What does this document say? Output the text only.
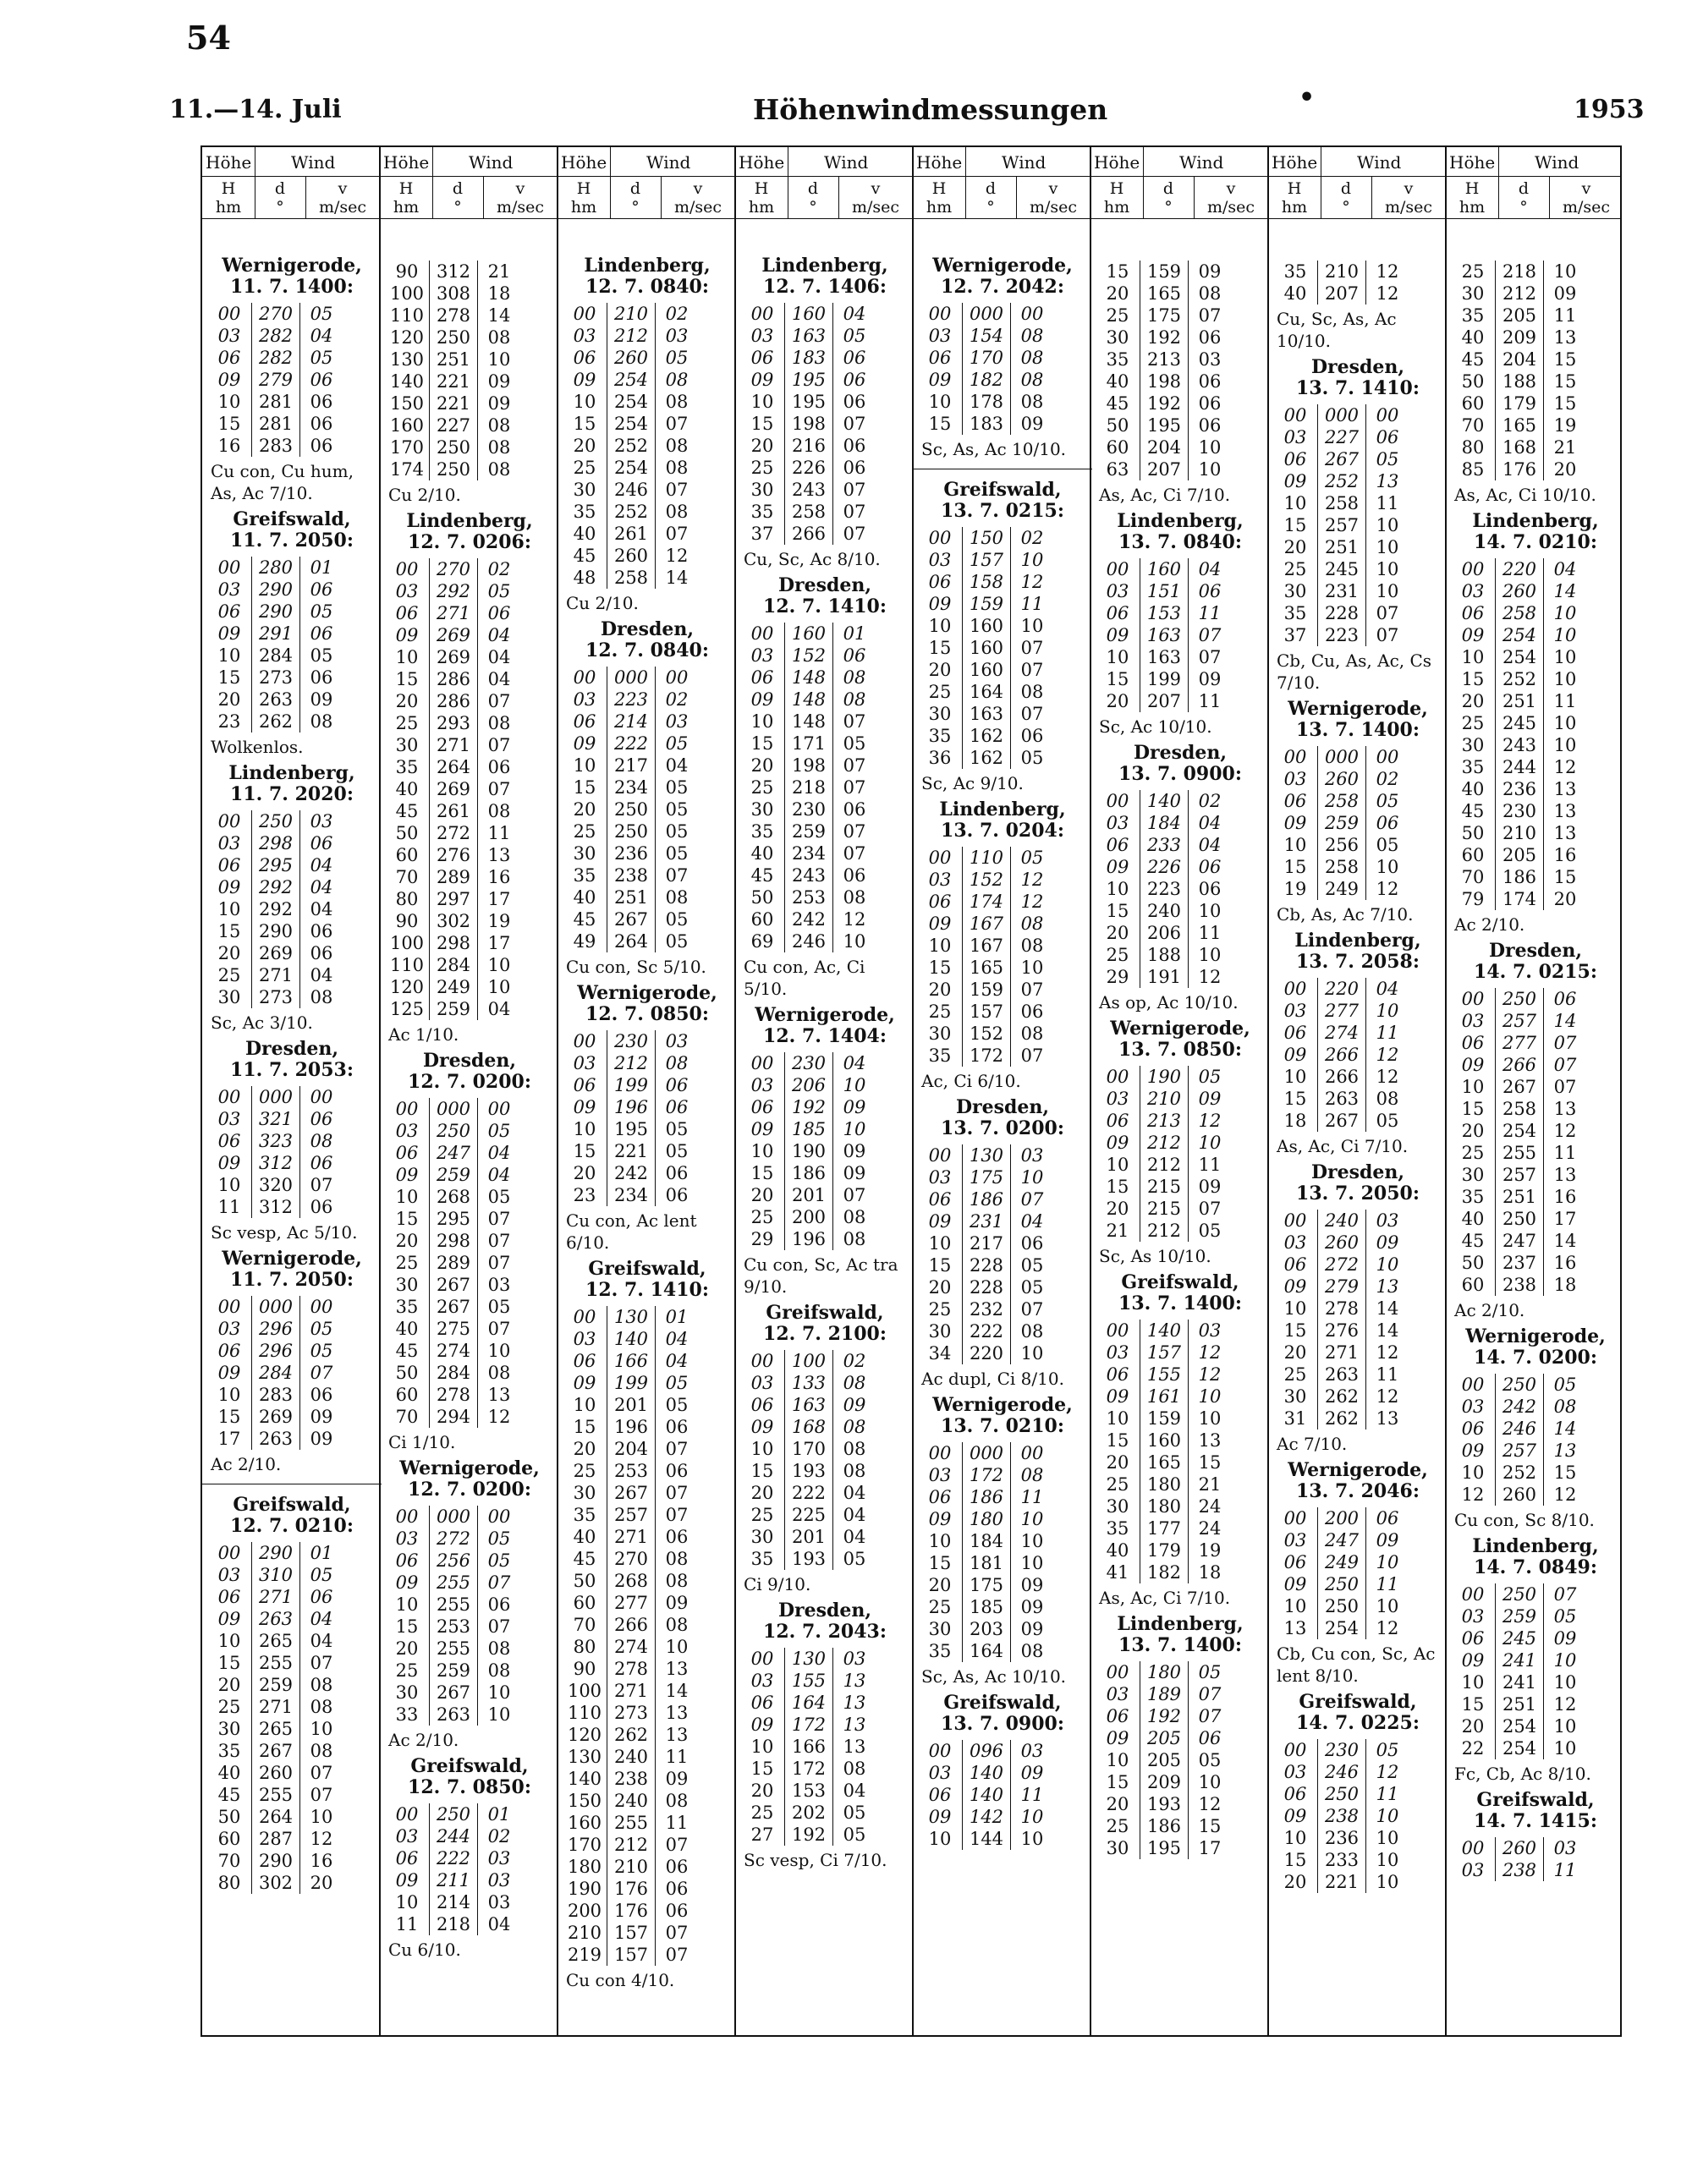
54
11.—14. Juli	Höhenwindmessungen	•	1953
Höhe Wind
H
hm
d
°
v
m/sec
Wernigerode,
11. 7. 1400:
00	270 05
03	282 04
06	282 05
09	279 06
10	281 06
15	281 06
16	283 06
Cu con, Cu hum, As, Ac 7/10.
Greifswald,
11. 7. 2050:
00	280 01
03	290 06
06	290 05
09	291 06
10	284 05
15	273 06
20	263 09
23	262 08
Wolkenlos.
Lindenberg,
11. 7. 2020:
00	250 03
03	298 06
06	295 04
09	292 04
10	292 04
15	290 06
20	269 06
25	271 04
30	273 08
Sc, Ac 3/10.
Dresden,
11. 7. 2053:
00	000 00
03	321 06
06	323 08
09	312 06
10	320 07
11	312 06
Sc vesp, Ac 5/10.
Wernigerode,
11. 7. 2050:
00	000 00
03	296 05
06	296 05
09	284 07
10	283 06
15	269 09
17	263 09
Ac 2/10.
Greifswald,
12. 7. 0210:
00	290 01
03	310 05
06	271 06
09	263 04
10	265 04
15	255 07
20	259 08
25	271 08
30	265 10
35	267 08
40	260 07
45	255 07
50	264 10
60	287 12
70	290 16
80	302 20
Höhe Wind
H
hm
d
°
v
m/sec
90	312 21
100 308 18
110 278 14
120 250 08
130 251 10
140 221 09
150 221 09
160 227 08
170 250 08
174 250 08
Cu 2/10.
Lindenberg,
12. 7. 0206:
00	270 02
03	292 05
06	271 06
09	269 04
10	269 04
15	286 04
20	286 07
25	293 08
30	271 07
35	264 06
40	269 07
45	261 08
50	272 11
60	276 13
70	289 16
80	297 17
90	302 19
100 298 17
110 284 10
120 249 10
125 259 04
Ac 1/10.
Dresden,
12. 7. 0200:
00	000 00
03	250 05
06	247 04
09	259 04
10	268 05
15	295 07
20	298 07
25	289 07
30	267 03
35	267 05
40	275 07
45	274 10
50	284 08
60	278 13
70	294 12
Ci 1/10.
Wernigerode,
12. 7. 0200:
00	000 00
03	272 05
06	256 05
09	255 07
10	255 06
15	253 07
20	255 08
25	259 08
30	267 10
33	263 10
Ac 2/10.
Greifswald,
12. 7. 0850:
00	250 01
03	244 02
06	222 03
09	211 03
10	214 03
11	218 04
Cu 6/10.
Höhe Wind
H
hm
d
°
v
m/sec
Lindenberg,
12. 7. 0840:
00	210 02
03	212 03
06	260 05
09	254 08
10	254 08
15	254 07
20	252 08
25	254 08
30	246 07
35	252 08
40	261 07
45	260 12
48	258 14
Cu 2/10.
Dresden,
12. 7. 0840:
00	000 00
03	223 02
06	214 03
09	222 05
10	217 04
15	234 05
20	250 05
25	250 05
30	236 05
35	238 07
40	251 08
45	267 05
49	264 05
Cu con, Sc 5/10.
Wernigerode,
12. 7. 0850:
00	230 03
03	212 08
06	199 06
09	196 06
10	195 05
15	221 05
20	242 06
23	234 06
Cu con, Ac lent 6/10.
Greifswald,
12. 7. 1410:
00	130 01
03	140 04
06	166 04
09	199 05
10	201 05
15	196 06
20	204 07
25	253 06
30	267 07
35	257 07
40	271 06
45	270 08
50	268 08
60	277 09
70	266 08
80	274 10
90	278 13
100 271 14
110 273 13
120 262 13
130 240 11
140 238 09
150 240 08
160 255 11
170 212 07
180 210 06
190 176 06
200 176 06
210 157 07
219 157 07
Cu con 4/10.
Höhe Wind
H
hm
d
°
v
m/sec
Lindenberg,
12. 7. 1406:
00	160 04
03	163 05
06	183 06
09	195 06
10	195 06
15	198 07
20	216 06
25	226 06
30	243 07
35	258 07
37	266 07
Cu, Sc, Ac 8/10.
Dresden,
12. 7. 1410:
00	160 01
03	152 06
06	148 08
09	148 08
10	148 07
15	171 05
20	198 07
25	218 07
30	230 06
35	259 07
40	234 07
45	243 06
50	253 08
60	242 12
69	246 10
Cu con, Ac, Ci 5/10.
Wernigerode,
12. 7. 1404:
00	230 04
03	206 10
06	192 09
09	185 10
10	190 09
15	186 09
20	201 07
25	200 08
29	196 08
Cu con, Sc, Ac tra 9/10.
Greifswald,
12. 7. 2100:
00	100 02
03	133 08
06	163 09
09	168 08
10	170 08
15	193 08
20	222 04
25	225 04
30	201 04
35	193 05
Ci 9/10.
Dresden,
12. 7. 2043:
00	130 03
03	155 13
06	164 13
09	172 13
10	166 13
15	172 08
20	153 04
25	202 05
27	192 05
Sc vesp, Ci 7/10.
Höhe Wind
H
hm
d
°
v
m/sec
Wernigerode,
12. 7. 2042:
00	000 00
03	154 08
06	170 08
09	182 08
10	178 08
15	183 09
Sc, As, Ac 10/10.
Greifswald,
13. 7. 0215:
00	150 02
03	157 10
06	158 12
09	159 11
10	160 10
15	160 07
20	160 07
25	164 08
30	163 07
35	162 06
36	162 05
Sc, Ac 9/10.
Lindenberg,
13. 7. 0204:
00	110 05
03	152 12
06	174 12
09	167 08
10	167 08
15	165 10
20	159 07
25	157 06
30	152 08
35	172 07
Ac, Ci 6/10.
Dresden,
13. 7. 0200:
00	130 03
03	175 10
06	186 07
09	231 04
10	217 06
15	228 05
20	228 05
25	232 07
30	222 08
34	220 10
Ac dupl, Ci 8/10.
Wernigerode,
13. 7. 0210:
00	000 00
03	172 08
06	186 11
09	180 10
10	184 10
15	181 10
20	175 09
25	185 09
30	203 09
35	164 08
Sc, As, Ac 10/10.
Greifswald,
13. 7. 0900:
00	096 03
03	140 09
06	140 11
09	142 10
10	144 10
Höhe Wind
H
hm
d
°
v
m/sec
15	159 09
20	165 08
25	175 07
30	192 06
35	213 03
40	198 06
45	192 06
50	195 06
60	204 10
63	207 10
As, Ac, Ci 7/10.
Lindenberg,
13. 7. 0840:
00	160 04
03	151 06
06	153 11
09	163 07
10	163 07
15	199 09
20	207 11
Sc, Ac 10/10.
Dresden,
13. 7. 0900:
00	140 02
03	184 04
06	233 04
09	226 06
10	223 06
15	240 10
20	206 11
25	188 10
29	191 12
As op, Ac 10/10.
Wernigerode,
13. 7. 0850:
00	190 05
03	210 09
06	213 12
09	212 10
10	212 11
15	215 09
20	215 07
21	212 05
Sc, As 10/10.
Greifswald,
13. 7. 1400:
00	140 03
03	157 12
06	155 12
09	161 10
10	159 10
15	160 13
20	165 15
25	180 21
30	180 24
35	177 24
40	179 19
41	182 18
As, Ac, Ci 7/10.
Lindenberg,
13. 7. 1400:
00	180 05
03	189 07
06	192 07
09	205 06
10	205 05
15	209 10
20	193 12
25	186 15
30	195 17
Höhe Wind
H
hm
d
°
v
m/sec
35	210 12
40	207 12
Cu, Sc, As, Ac 10/10.
Dresden,
13. 7. 1410:
00	000 00
03	227 06
06	267 05
09	252 13
10	258 11
15	257 10
20	251 10
25	245 10
30	231 10
35	228 07
37	223 07
Cb, Cu, As, Ac, Cs 7/10.
Wernigerode,
13. 7. 1400:
00	000 00
03	260 02
06	258 05
09	259 06
10	256 05
15	258 10
19	249 12
Cb, As, Ac 7/10.
Lindenberg,
13. 7. 2058:
00	220 04
03	277 10
06	274 11
09	266 12
10	266 12
15	263 08
18	267 05
As, Ac, Ci 7/10.
Dresden,
13. 7. 2050:
00	240 03
03	260 09
06	272 10
09	279 13
10	278 14
15	276 14
20	271 12
25	263 11
30	262 12
31	262 13
Ac 7/10.
Wernigerode,
13. 7. 2046:
00	200 06
03	247 09
06	249 10
09	250 11
10	250 10
13	254 12
Cb, Cu con, Sc, Ac lent 8/10.
Greifswald,
14. 7. 0225:
00	230 05
03	246 12
06	250 11
09	238 10
10	236 10
15	233 10
20	221 10
Höhe Wind
H
hm
d
°
v
m/sec
25	218 10
30	212 09
35	205 11
40	209 13
45	204 15
50	188 15
60	179 15
70	165 19
80	168 21
85	176 20
As, Ac, Ci 10/10.
Lindenberg,
14. 7. 0210:
00	220 04
03	260 14
06	258 10
09	254 10
10	254 10
15	252 10
20	251 11
25	245 10
30	243 10
35	244 12
40	236 13
45	230 13
50	210 13
60	205 16
70	186 15
79	174 20
Ac 2/10.
Dresden,
14. 7. 0215:
00	250 06
03	257 14
06	277 07
09	266 07
10	267 07
15	258 13
20	254 12
25	255 11
30	257 13
35	251 16
40	250 17
45	247 14
50	237 16
60	238 18
Ac 2/10.
Wernigerode,
14. 7. 0200:
00	250 05
03	242 08
06	246 14
09	257 13
10	252 15
12	260 12
Cu con, Sc 8/10.
Lindenberg,
14. 7. 0849:
00	250 07
03	259 05
06	245 09
09	241 10
10	241 10
15	251 12
20	254 10
22	254 10
Fc, Cb, Ac 8/10.
Greifswald,
14. 7. 1415:
00	260 03
03	238 11
